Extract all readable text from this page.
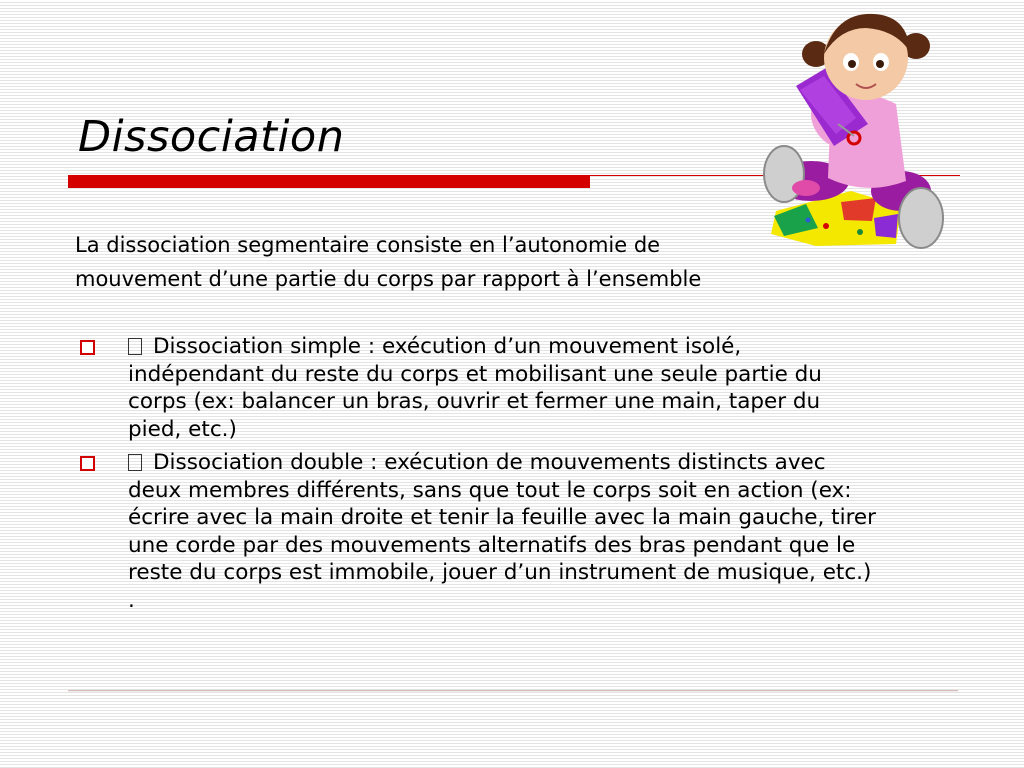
Dissociation
La dissociation segmentaire consiste en l’autonomie de
mouvement d’une partie du corps par rapport à l’ensemble
Dissociation simple : exécution d’un mouvement isolé, indépendant du reste du corps et mobilisant une seule partie du corps (ex: balancer un bras, ouvrir et fermer une main, taper du pied, etc.)
Dissociation double : exécution de mouvements distincts avec deux membres différents, sans que tout le corps soit en action (ex: écrire avec la main droite et tenir la feuille avec la main gauche, tirer une corde par des mouvements alternatifs des bras pendant que le reste du corps est immobile, jouer d’un instrument de musique, etc.) .
